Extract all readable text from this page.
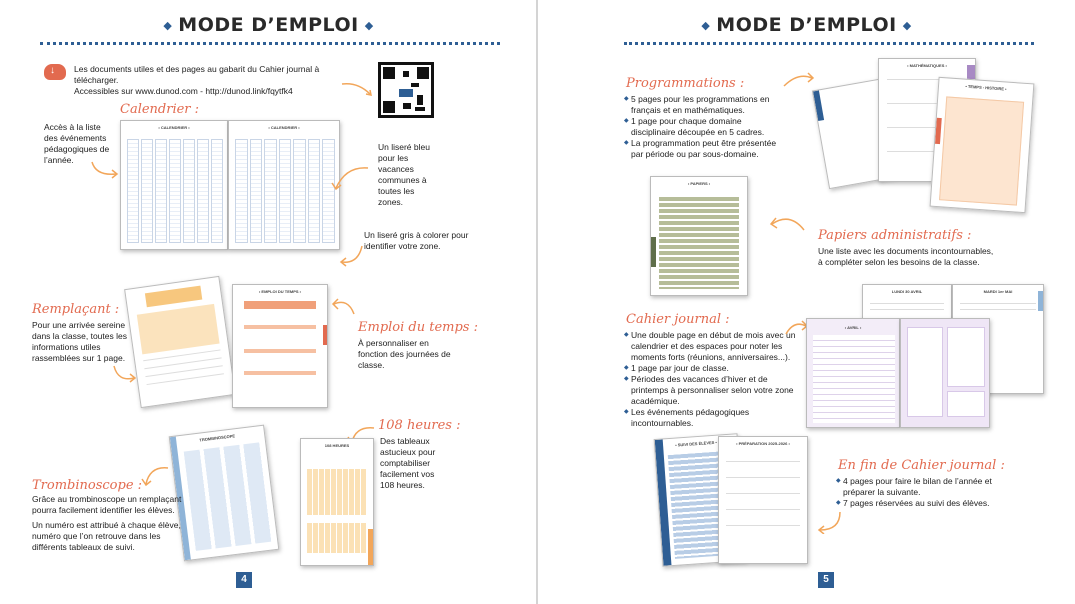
◆ MODE D’EMPLOI ◆
↓
Les documents utiles et des pages au gabarit du Cahier journal à télécharger.
Accessibles sur www.dunod.com - http://dunod.link/fqytfk4
Calendrier :
Accès à la liste des événements pédagogiques de l’année.
• CALENDRIER •	• CALENDRIER •
Un liseré bleu pour les vacances communes à toutes les zones.
Un liseré gris à colorer pour identifier votre zone.
Remplaçant :
Pour une arrivée sereine dans la classe, toutes les informations utiles rassemblées sur 1 page.
• EMPLOI DU TEMPS •
Emploi du temps :
À personnaliser en fonction des journées de classe.
108 heures :
Des tableaux astucieux pour comptabiliser facilement vos 108 heures.
108 HEURES
TROMBINOSCOPE
Trombinoscope :
Grâce au trombinoscope un remplaçant pourra facilement identifier les élèves.
Un numéro est attribué à chaque élève, numéro que l’on retrouve dans les différents tableaux de suivi.
4
◆ MODE D’EMPLOI ◆
Programmations :
◆ 5 pages pour les programmations en français et en mathématiques.
◆ 1 page pour chaque domaine disciplinaire découpée en 5 cadres.
◆ La programmation peut être présentée par période ou par sous-domaine.
• MATHÉMATIQUES •
• TEMPS - HISTOIRE •
• PAPIERS •
Papiers administratifs :
Une liste avec les documents incontournables, à compléter selon les besoins de la classe.
Cahier journal :
◆ Une double page en début de mois avec un calendrier et des espaces pour noter les moments forts (réunions, anniversaires...).
◆ 1 page par jour de classe.
◆ Périodes des vacances d’hiver et de printemps à personnaliser selon votre zone académique.
◆ Les événements pédagogiques incontournables.
LUNDI 30 AVRIL	MARDI 1er MAI
• AVRIL •
• SUIVI DES ÉLÈVES •	• PRÉPARATION 2025-2026 •
En fin de Cahier journal :
◆ 4 pages pour faire le bilan de l’année et préparer la suivante.
◆ 7 pages réservées au suivi des élèves.
5
